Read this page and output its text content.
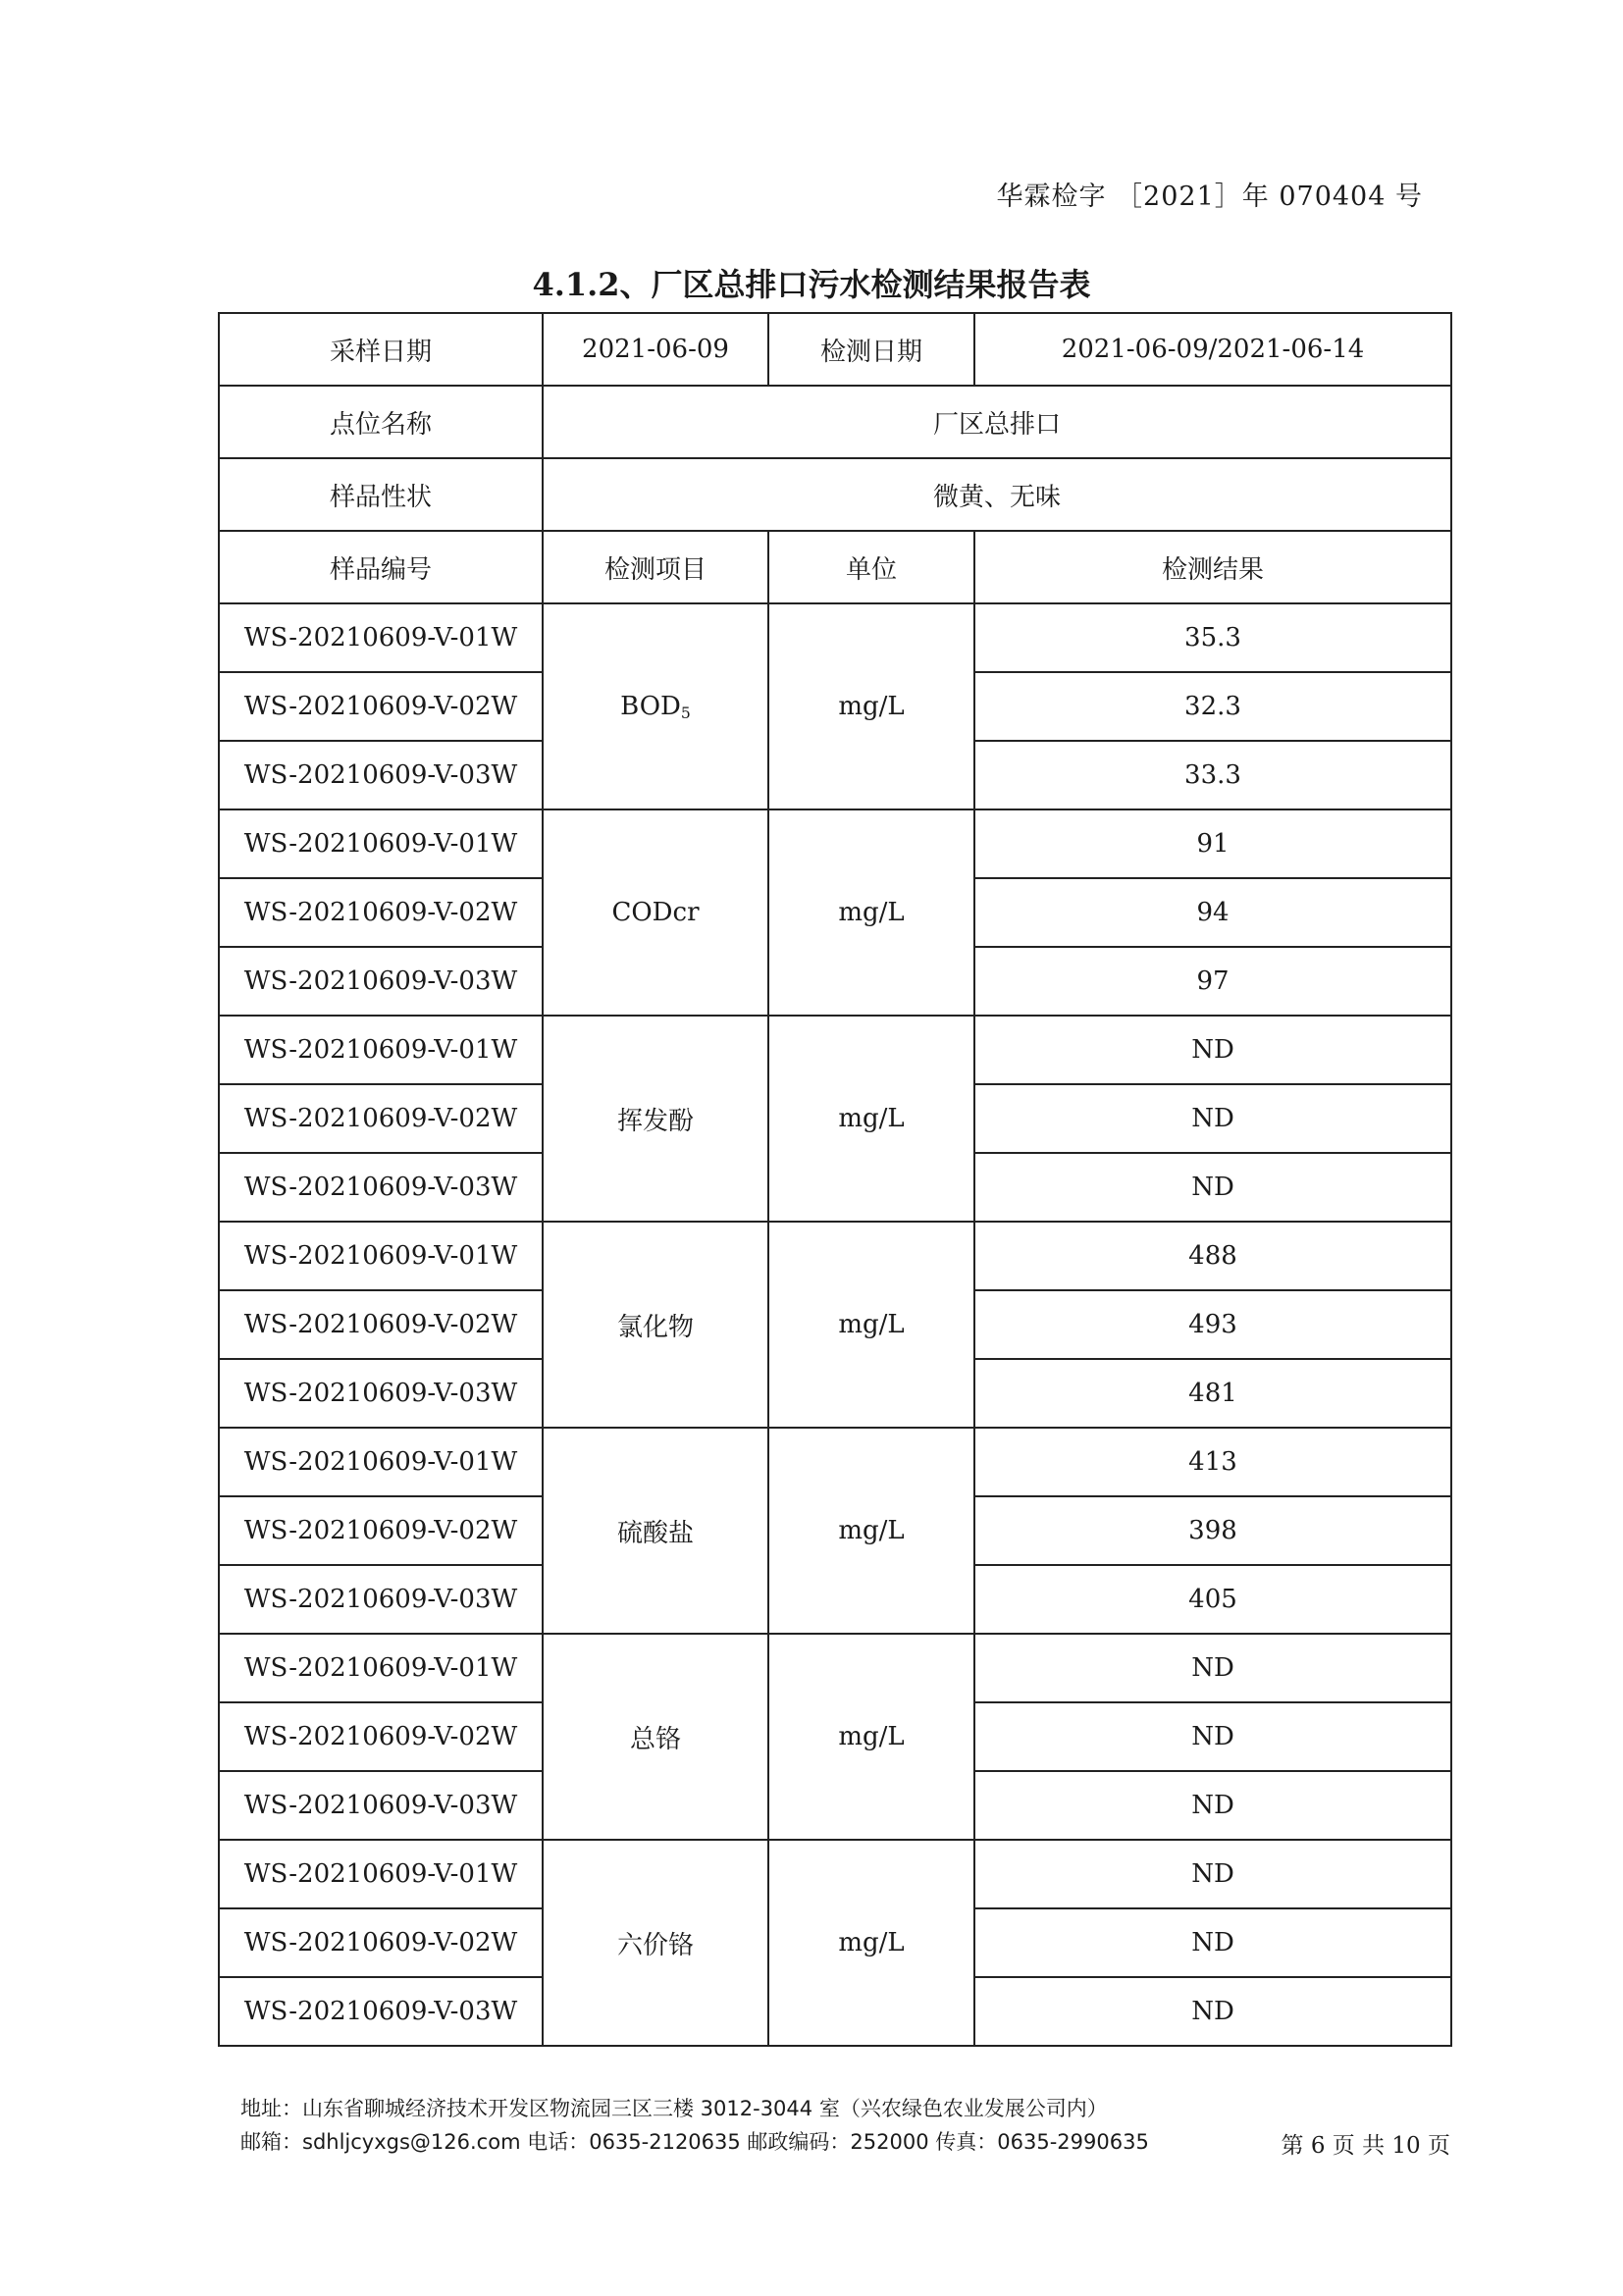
华霖检字 ［2021］年 070404 号
4.1.2、厂区总排口污水检测结果报告表
采样日期	2021-06-09	检测日期	2021-06-09/2021-06-14
点位名称	厂区总排口		
样品性状	微黄、无味		
样品编号	检测项目	单位	检测结果
WS-20210609-V-01W	$BOD_5$	mg/L	35.3
WS-20210609-V-02W			32.3
WS-20210609-V-03W			33.3
WS-20210609-V-01W	CODcr	mg/L	91
WS-20210609-V-02W			94
WS-20210609-V-03W			97
WS-20210609-V-01W	挥发酚	mg/L	ND
WS-20210609-V-02W			ND
WS-20210609-V-03W			ND
WS-20210609-V-01W	氯化物	mg/L	488
WS-20210609-V-02W			493
WS-20210609-V-03W			481
WS-20210609-V-01W	硫酸盐	mg/L	413
WS-20210609-V-02W			398
WS-20210609-V-03W			405
WS-20210609-V-01W	总铬	mg/L	ND
WS-20210609-V-02W			ND
WS-20210609-V-03W			ND
WS-20210609-V-01W	六价铬	mg/L	ND
WS-20210609-V-02W			ND
WS-20210609-V-03W			ND
地址：山东省聊城经济技术开发区物流园三区三楼 3012-3044 室（兴农绿色农业发展公司内）
邮箱：sdhljcyxgs@126.com 电话：0635-2120635 邮政编码：252000 传真：0635-2990635	第 6 页 共 10 页
